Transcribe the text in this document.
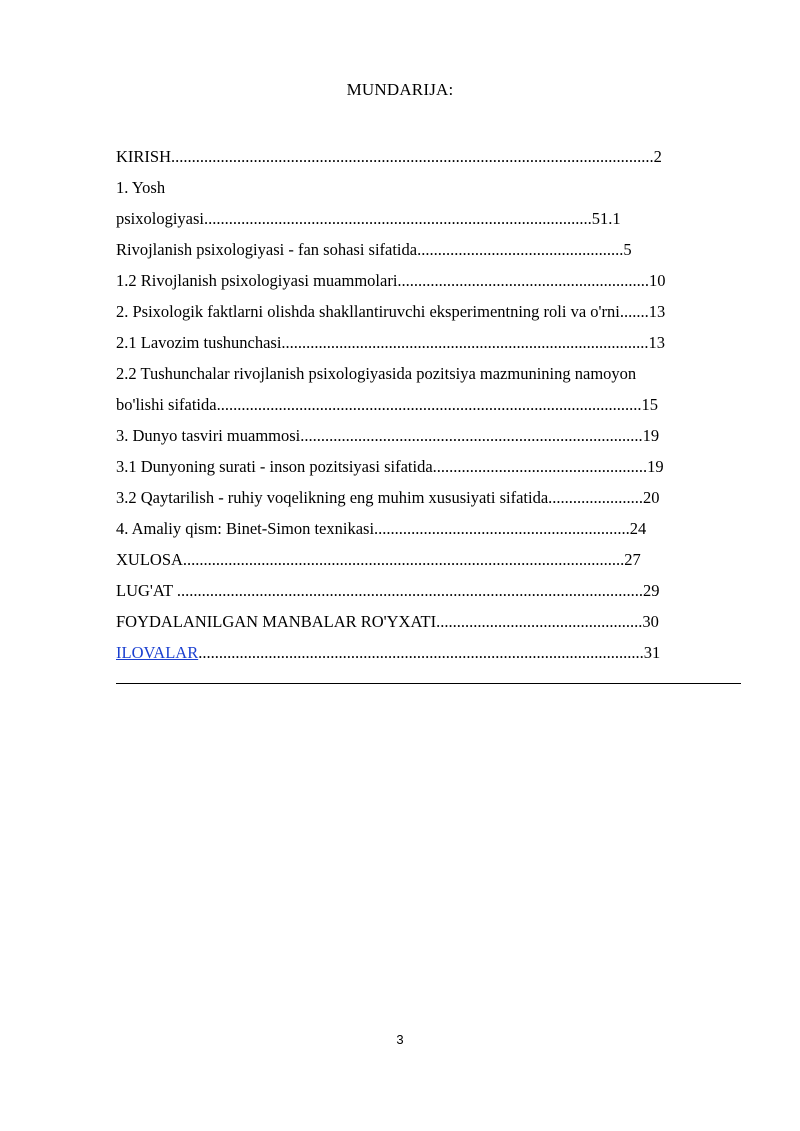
MUNDARIJA:
KIRISH.....................................................................................................................2
1. Yosh
psixologiyasi..............................................................................................51.1
Rivojlanish psixologiyasi - fan sohasi sifatida..................................................5
1.2 Rivojlanish psixologiyasi muammolari.............................................................10
2. Psixologik faktlarni olishda shakllantiruvchi eksperimentning roli va o'rni.......13
2.1 Lavozim tushunchasi.........................................................................................13
2.2 Tushunchalar rivojlanish psixologiyasida pozitsiya mazmunining namoyon
bo'lishi sifatida.......................................................................................................15
3. Dunyo tasviri muammosi...................................................................................19
3.1 Dunyoning surati - inson pozitsiyasi sifatida....................................................19
3.2 Qaytarilish - ruhiy voqelikning eng muhim xususiyati sifatida.......................20
4. Amaliy qism: Binet-Simon texnikasi..............................................................24
XULOSA...........................................................................................................27
LUG'AT .................................................................................................................29
FOYDALANILGAN MANBALAR RO'YXATI..................................................30
ILOVALAR............................................................................................................31
3
